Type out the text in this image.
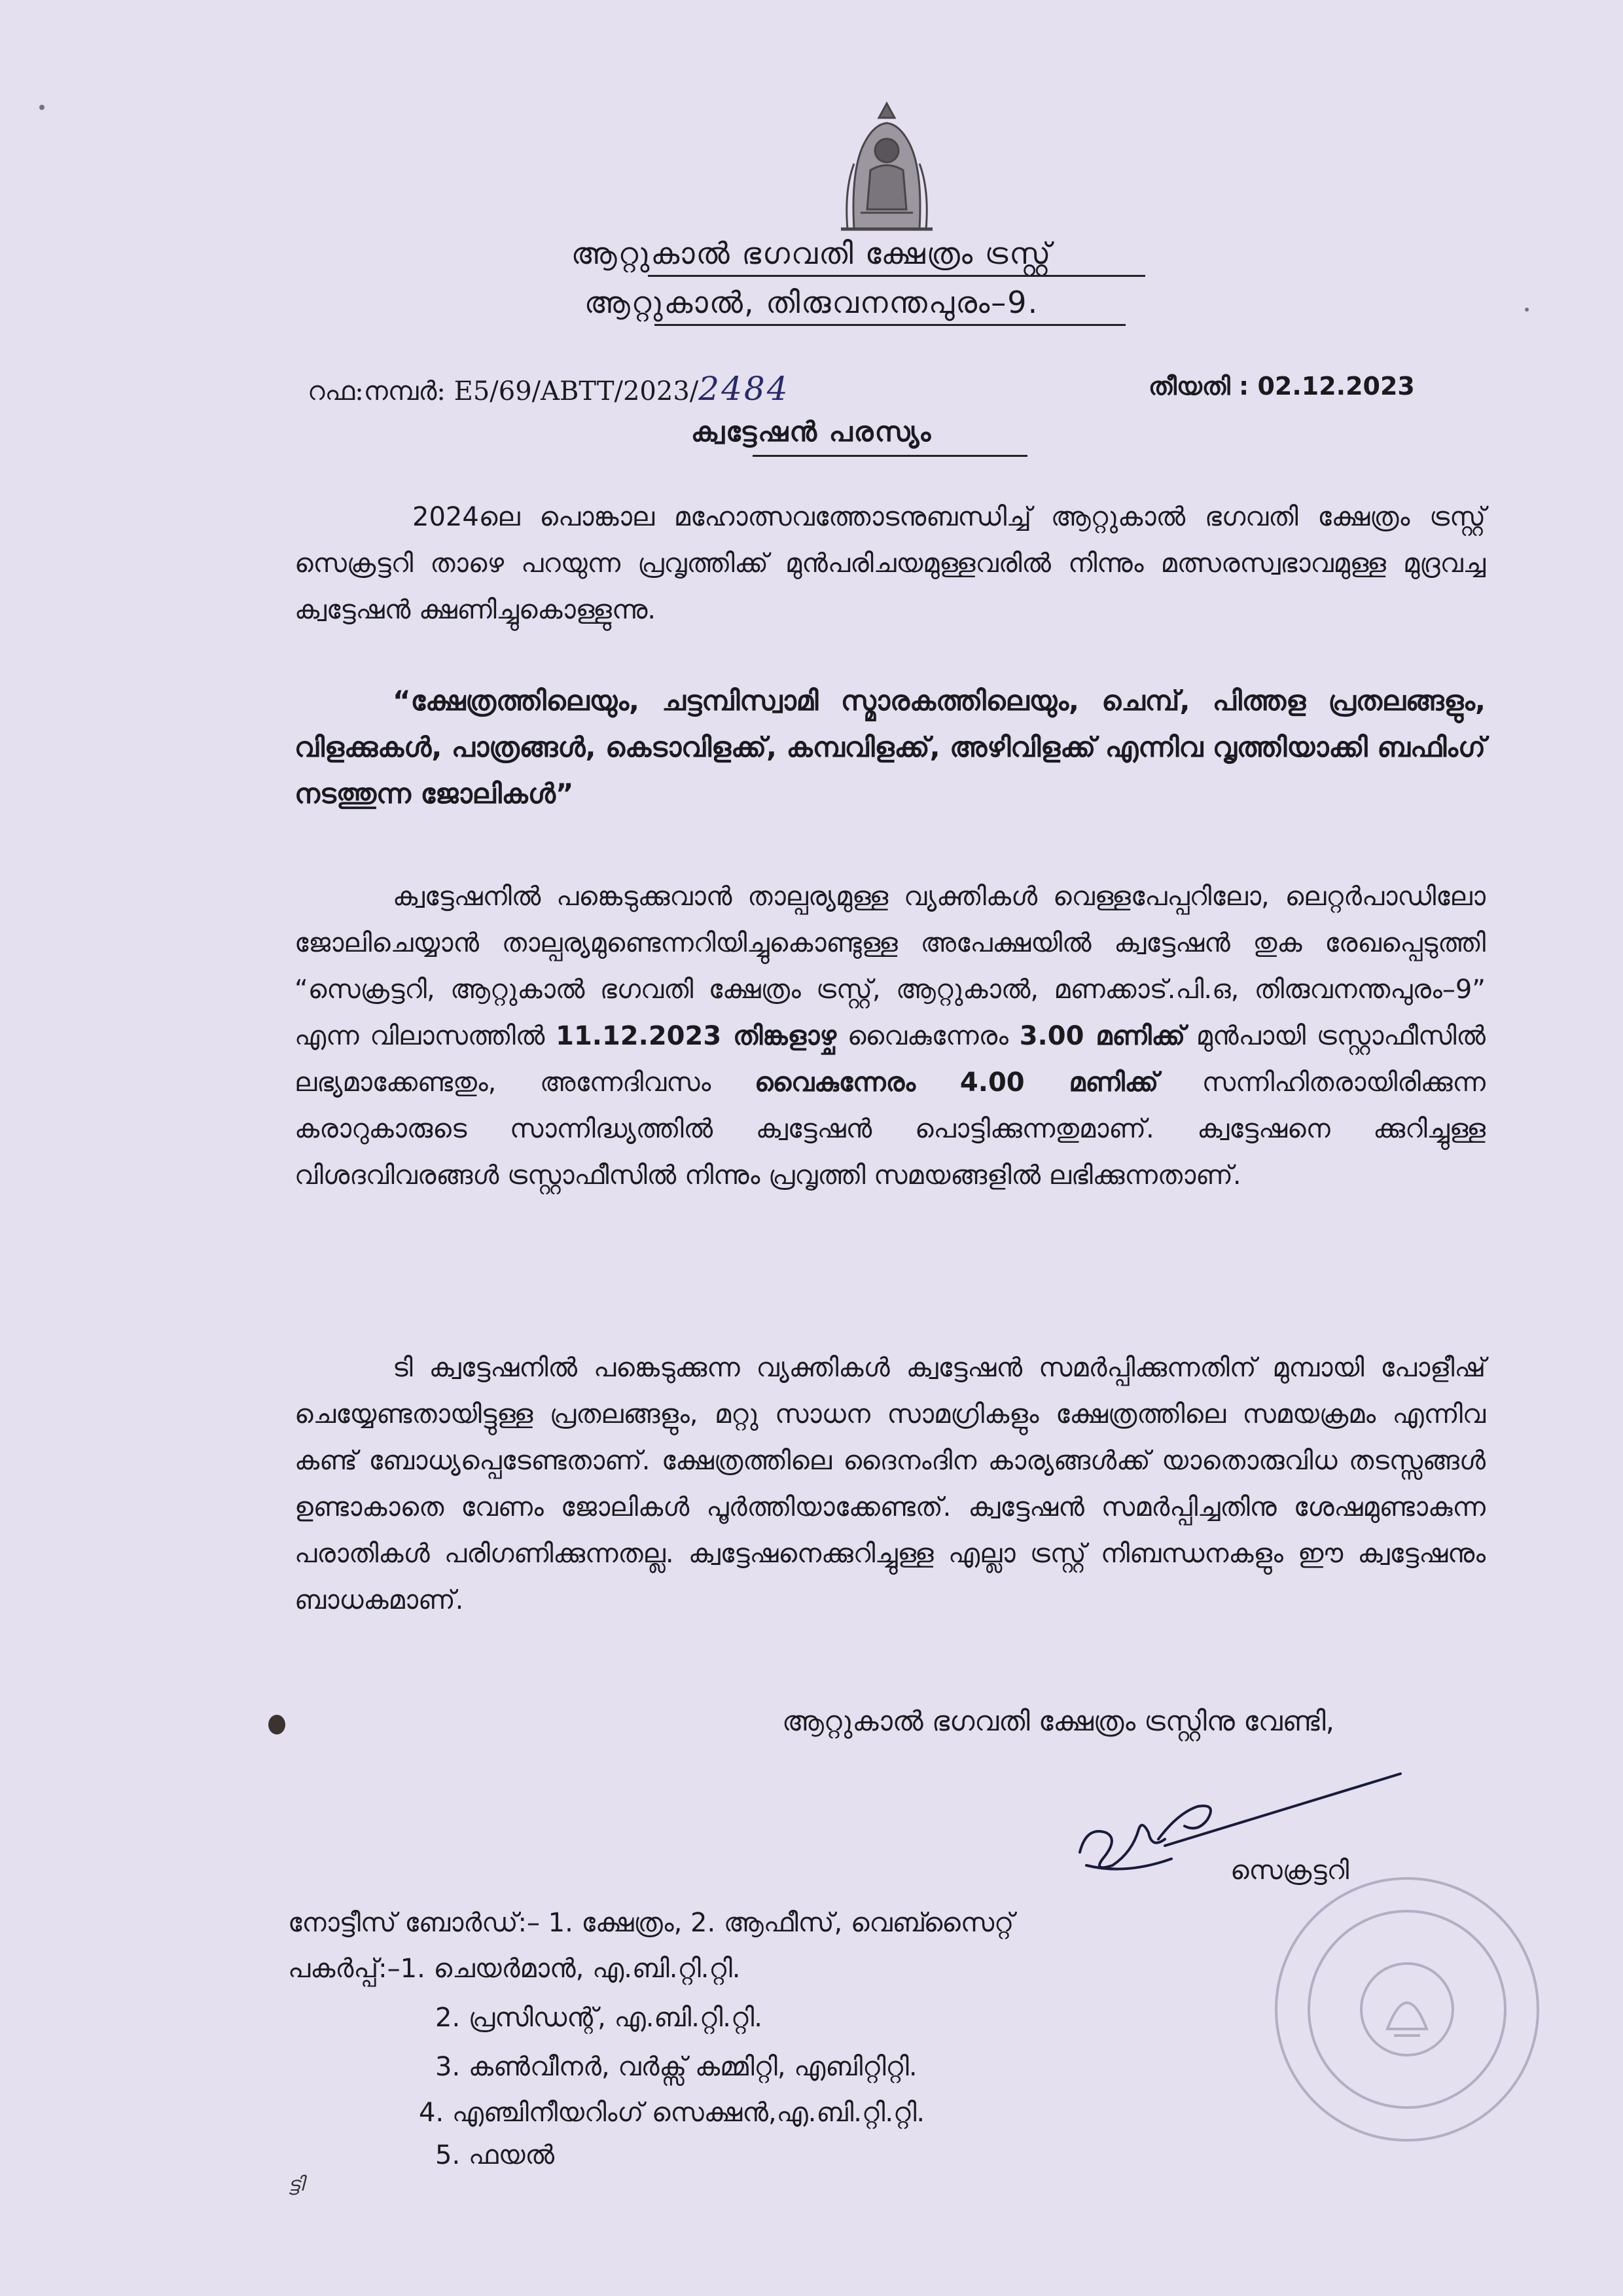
ആറ്റുകാൽ ഭഗവതി ക്ഷേത്രം ട്രസ്റ്റ്
ആറ്റുകാൽ, തിരുവനന്തപുരം–9.
റഫ:നമ്പർ: E5/69/ABTT/2023/2484	തീയതി : 02.12.2023
ക്വട്ടേഷൻ പരസ്യം

2024ലെ പൊങ്കാല മഹോത്സവത്തോടനുബന്ധിച്ച് ആറ്റുകാൽ ഭഗവതി ക്ഷേത്രം ട്രസ്റ്റ് സെക്രട്ടറി താഴെ പറയുന്ന പ്രവൃത്തിക്ക് മുൻപരിചയമുള്ളവരിൽ നിന്നും മത്സരസ്വഭാവമുള്ള മുദ്രവച്ച ക്വട്ടേഷൻ ക്ഷണിച്ചുകൊള്ളുന്നു.

“ക്ഷേത്രത്തിലെയും, ചട്ടമ്പിസ്വാമി സ്മാരകത്തിലെയും, ചെമ്പ്, പിത്തള പ്രതലങ്ങളും, വിളക്കുകൾ, പാത്രങ്ങൾ, കെടാവിളക്ക്, കമ്പവിളക്ക്, അഴിവിളക്ക് എന്നിവ വൃത്തിയാക്കി ബഫിംഗ് നടത്തുന്ന ജോലികൾ”

ക്വട്ടേഷനിൽ പങ്കെടുക്കുവാൻ താല്പര്യമുള്ള വ്യക്തികൾ വെള്ളപേപ്പറിലോ, ലെറ്റർപാഡിലോ ജോലിചെയ്യാൻ താല്പര്യമുണ്ടെന്നറിയിച്ചുകൊണ്ടുള്ള അപേക്ഷയിൽ ക്വട്ടേഷൻ തുക രേഖപ്പെടുത്തി “സെക്രട്ടറി, ആറ്റുകാൽ ഭഗവതി ക്ഷേത്രം ട്രസ്റ്റ്, ആറ്റുകാൽ, മണക്കാട്.പി.ഒ, തിരുവനന്തപുരം–9” എന്ന വിലാസത്തിൽ 11.12.2023 തിങ്കളാഴ്ച വൈകുന്നേരം 3.00 മണിക്ക് മുൻപായി ട്രസ്റ്റാഫീസിൽ ലഭ്യമാക്കേണ്ടതും, അന്നേദിവസം വൈകുന്നേരം 4.00 മണിക്ക് സന്നിഹിതരായിരിക്കുന്ന കരാറുകാരുടെ സാന്നിദ്ധ്യത്തിൽ ക്വട്ടേഷൻ പൊട്ടിക്കുന്നതുമാണ്. ക്വട്ടേഷനെ ക്കുറിച്ചുള്ള വിശദവിവരങ്ങൾ ട്രസ്റ്റാഫീസിൽ നിന്നും പ്രവൃത്തി സമയങ്ങളിൽ ലഭിക്കുന്നതാണ്.

ടി ക്വട്ടേഷനിൽ പങ്കെടുക്കുന്ന വ്യക്തികൾ ക്വട്ടേഷൻ സമർപ്പിക്കുന്നതിന് മുമ്പായി പോളീഷ് ചെയ്യേണ്ടതായിട്ടുള്ള പ്രതലങ്ങളും, മറ്റു സാധന സാമഗ്രികളും ക്ഷേത്രത്തിലെ സമയക്രമം എന്നിവ കണ്ട് ബോധ്യപ്പെടേണ്ടതാണ്. ക്ഷേത്രത്തിലെ ദൈനംദിന കാര്യങ്ങൾക്ക് യാതൊരുവിധ തടസ്സങ്ങൾ ഉണ്ടാകാതെ വേണം ജോലികൾ പൂർത്തിയാക്കേണ്ടത്. ക്വട്ടേഷൻ സമർപ്പിച്ചതിനു ശേഷമുണ്ടാകുന്ന പരാതികൾ പരിഗണിക്കുന്നതല്ല. ക്വട്ടേഷനെക്കുറിച്ചുള്ള എല്ലാ ട്രസ്റ്റ് നിബന്ധനകളും ഈ ക്വട്ടേഷനും ബാധകമാണ്.

ആറ്റുകാൽ ഭഗവതി ക്ഷേത്രം ട്രസ്റ്റിനു വേണ്ടി,
സെക്രട്ടറി
നോട്ടീസ് ബോർഡ്:– 1. ക്ഷേത്രം, 2. ആഫീസ്, വെബ്സൈറ്റ്
പകർപ്പ്:–1. ചെയർമാൻ, എ.ബി.റ്റി.റ്റി.
2. പ്രസിഡന്റ്, എ.ബി.റ്റി.റ്റി.
3. കൺവീനർ, വർക്സ് കമ്മിറ്റി, എബിറ്റിറ്റി.
4. എഞ്ചിനീയറിംഗ് സെക്ഷൻ,എ.ബി.റ്റി.റ്റി.
5. ഫയൽ
ട്ടി
